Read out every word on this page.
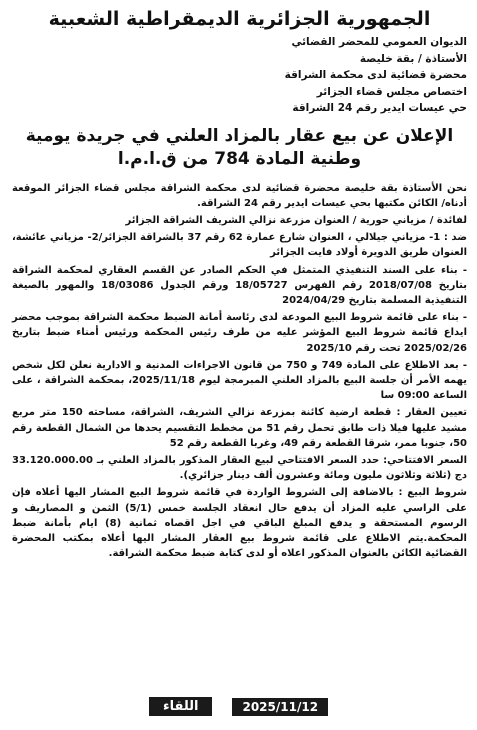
الجمهورية الجزائرية الديمقراطية الشعبية
الديوان العمومي للمحضر القضائي
الأستاذة / بقة خليصة
محضرة قضائية لدى محكمة الشراقة
اختصاص مجلس قضاء الجزائر
حي عيسات ايدير رقم 24 الشراقة
الإعلان عن بيع عقار بالمزاد العلني في جريدة يومية
وطنية المادة 784 من ق.ا.م.ا

نحن الأستاذة بقة خليصة محضرة قضائية لدى محكمة الشراقة مجلس قضاء الجزائر الموقعة أدناه/ الكائن مكتبها بحي عيسات ايدير رقم 24 الشراقة.

لفائدة / مزياني حورية / العنوان مزرعة نزالي الشريف الشراقة الجزائر

ضد : 1- مزياني جيلالي ، العنوان شارع عمارة 62 رقم 37 بالشراقة الجزائر/2- مزياني عائشة، العنوان طريق الدويرة أولاد فايت الجزائر

- بناء على السند التنفيذي المتمثل في الحكم الصادر عن القسم العقاري لمحكمة الشراقة بتاريخ 2018/07/08 رقم الفهرس 18/05727 ورقم الجدول 18/03086 والمهور بالصيغة التنفيذية المسلمة بتاريخ 2024/04/29

- بناء على قائمة شروط البيع المودعة لدى رئاسة أمانة الضبط محكمة الشراقة بموجب محضر ايداع قائمة شروط البيع المؤشر عليه من طرف رئيس المحكمة ورئيس أمناء ضبط بتاريخ 2025/02/26 تحت رقم 2025/10

- بعد الاطلاع على المادة 749 و 750 من قانون الاجراءات المدنية و الادارية نعلن لكل شخص يهمه الأمر أن جلسة البيع بالمزاد العلني المبرمجة ليوم 2025/11/18، بمحكمة الشراقة ، على الساعة 09:00 سا

تعيين العقار : قطعة ارضية كائنة بمزرعة نزالي الشريف، الشراقة، مساحته 150 متر مربع مشيد عليها فيلا ذات طابق تحمل رقم 51 من مخطط التقسيم يحدها من الشمال القطعة رقم 50، جنوبا ممر، شرقا القطعة رقم 49، وغربا القطعة رقم 52

السعر الافتتاحي: حدد السعر الافتتاحي لبيع العقار المذكور بالمزاد العلني بـ 33.120.000.00 دج (ثلاثة وثلاثون مليون ومائة وعشرون ألف دينار جزائري).

شروط البيع : بالاضافة إلى الشروط الواردة في قائمة شروط البيع المشار اليها أعلاه فإن على الراسي عليه المزاد أن يدفع حال انعقاد الجلسة خمس (5/1) الثمن و المصاريف و الرسوم المستحقة و يدفع المبلغ الباقي في اجل اقصاه ثمانية (8) ايام بأمانة ضبط المحكمة.يتم الاطلاع على قائمة شروط بيع العقار المشار اليها أعلاه بمكتب المحضرة القضائية الكائن بالعنوان المذكور اعلاه أو لدى كتابة ضبط محكمة الشراقة.

2025/11/12
اللقاء
